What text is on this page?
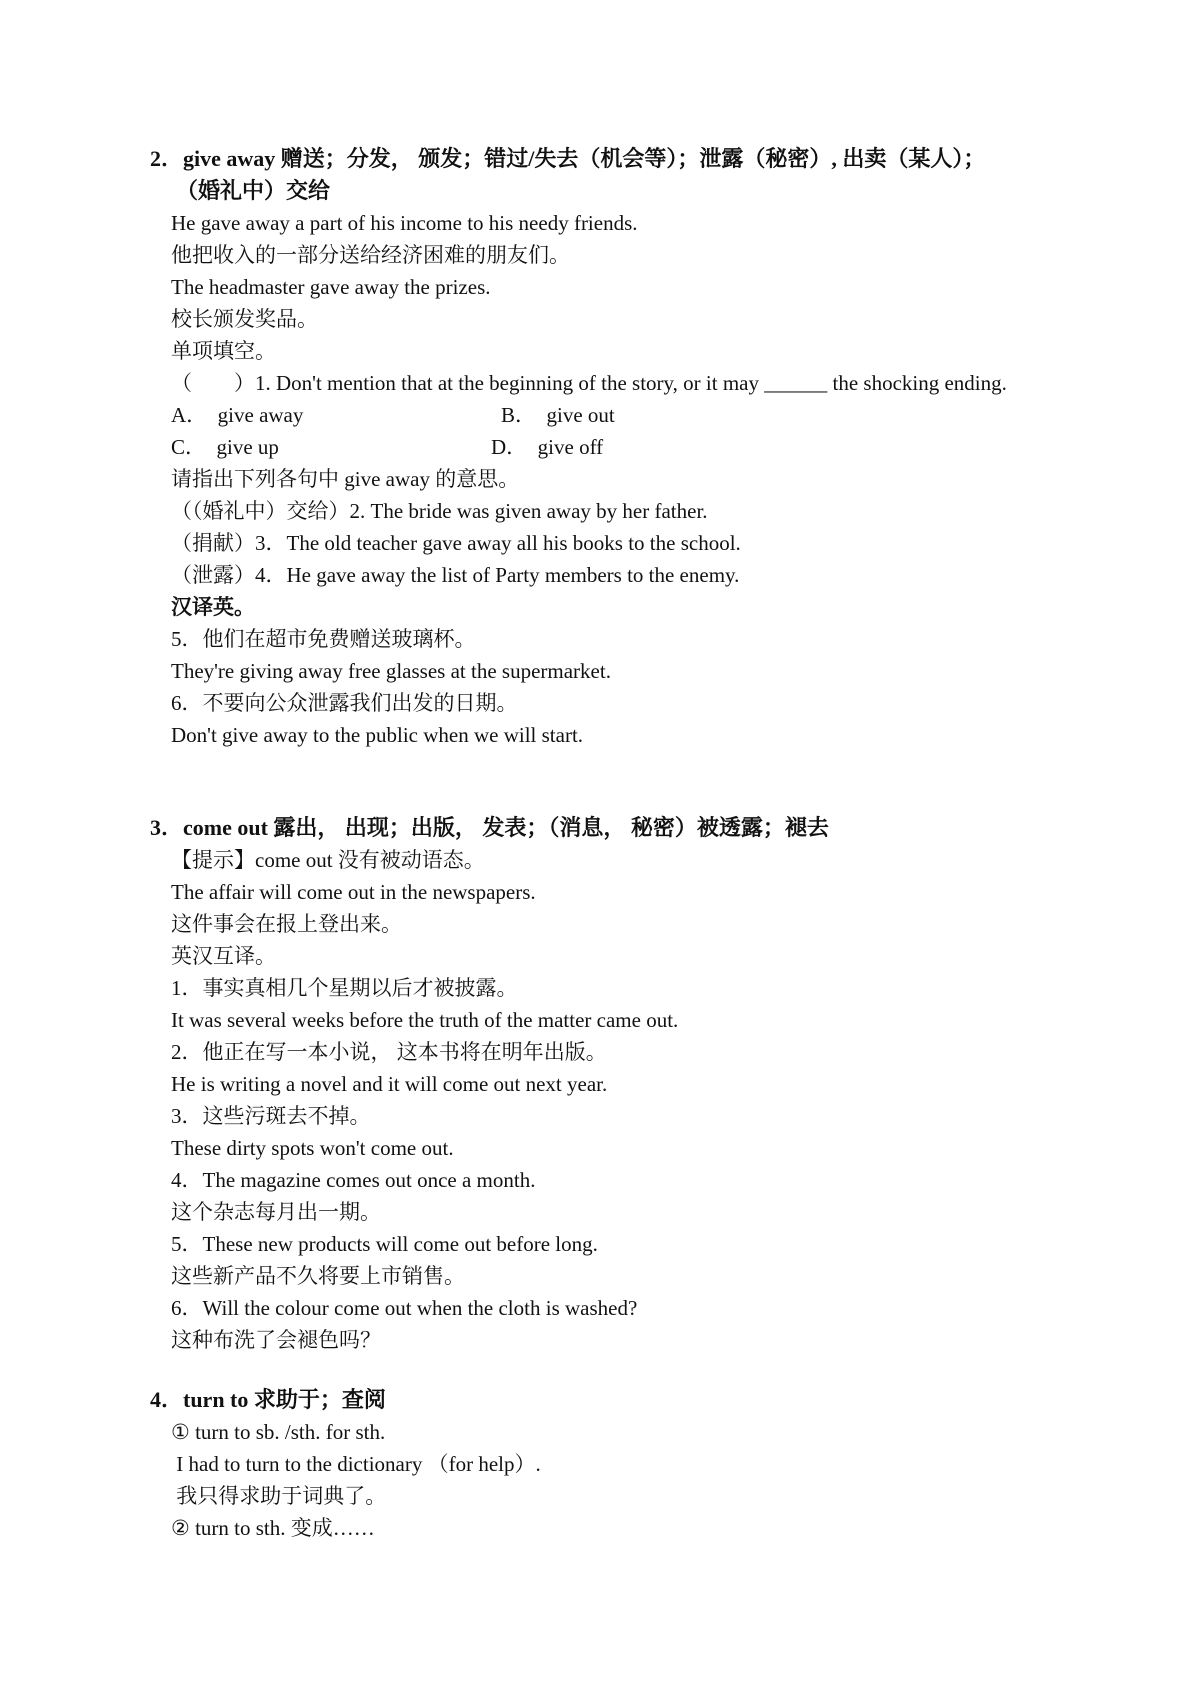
2．give away 赠送；分发， 颁发；错过/失去（机会等）；泄露（秘密）, 出卖（某人）；
（婚礼中）交给

He gave away a part of his income to his needy friends.

他把收入的一部分送给经济困难的朋友们。

The headmaster gave away the prizes.

校长颁发奖品。

单项填空。

（　　）1. Don't mention that at the beginning of the story, or it may ______ the shocking ending.

A．  give away	B．  give out
C．  give up	D．  give off

请指出下列各句中 give away 的意思。

（（婚礼中）交给）2. The bride was given away by her father.

（捐献）3．The old teacher gave away all his books to the school.

（泄露）4．He gave away the list of Party members to the enemy.

汉译英。

5．他们在超市免费赠送玻璃杯。

They're giving away free glasses at the supermarket.

6．不要向公众泄露我们出发的日期。

Don't give away to the public when we will start.

3．come out 露出， 出现；出版， 发表；（消息， 秘密）被透露；褪去

【提示】come out 没有被动语态。

The affair will come out in the newspapers.

这件事会在报上登出来。

英汉互译。

1．事实真相几个星期以后才被披露。

It was several weeks before the truth of the matter came out.

2．他正在写一本小说， 这本书将在明年出版。

He is writing a novel and it will come out next year.

3．这些污斑去不掉。

These dirty spots won't come out.

4．The magazine comes out once a month.

这个杂志每月出一期。

5．These new products will come out before long.

这些新产品不久将要上市销售。

6．Will the colour come out when the cloth is washed?

这种布洗了会褪色吗？

4．turn to 求助于；查阅

① turn to sb. /sth. for sth.

I had to turn to the dictionary （for help）.

我只得求助于词典了。

② turn to sth. 变成……
